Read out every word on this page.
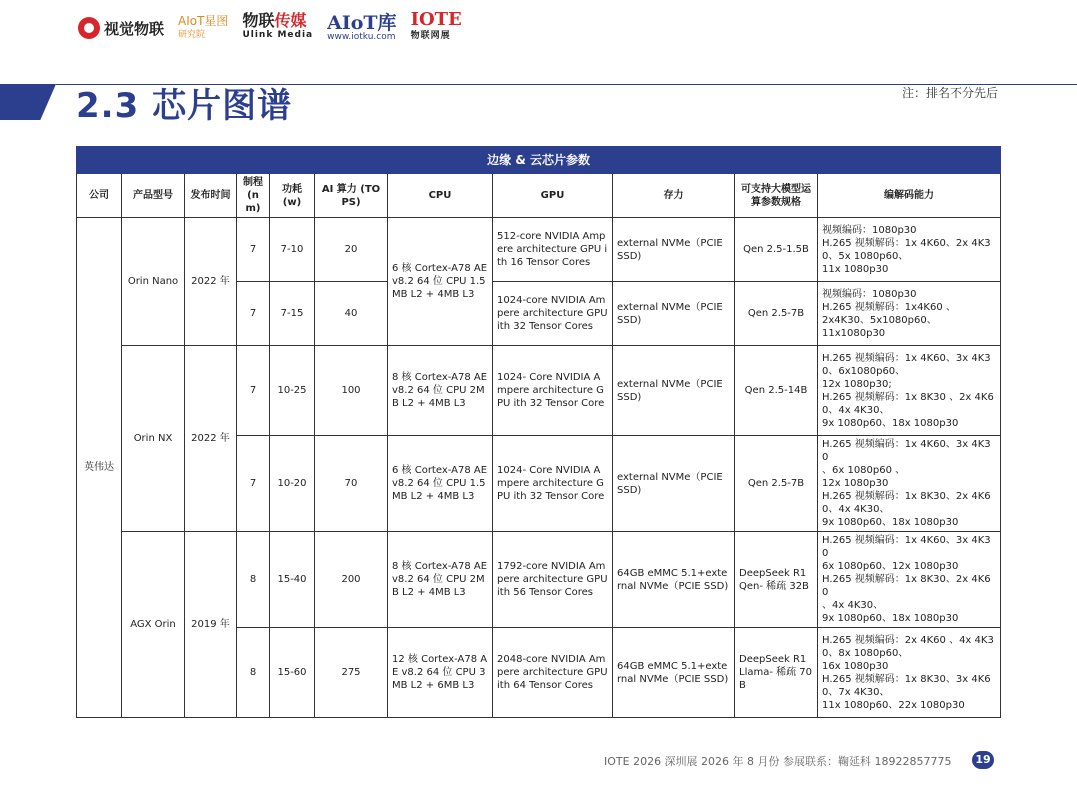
视觉物联 AIoT星图
研究院
物联传媒
Ulink Media
AIoT库
www.iotku.com
IOTE
物联网展
2.3 芯片图谱	注：排名不分先后
边缘 & 云芯片参数										
公司	产品型号	发布时间	制程 (nm)	功耗 (w)	AI 算力 (TOPS)	CPU	GPU	存力	可支持大模型运算参数规格	编解码能力
英伟达	Orin Nano	2022 年	7	7-10	20	6 核 Cortex-A78 AE v8.2 64 位 CPU 1.5MB L2 + 4MB L3	512-core NVIDIA Ampere architecture GPU ith 16 Tensor Cores	external NVMe（PCIE SSD)	Qen 2.5-1.5B	视频编码：1080p30
H.265 视频解码：1x 4K60、2x 4K30、5x 1080p60、
11x 1080p30
			7	7-15	40		1024-core NVIDIA Ampere architecture GPU ith 32 Tensor Cores	external NVMe（PCIE SSD)	Qen 2.5-7B	视频编码：1080p30
H.265 视频解码：1x4K60 、
2x4K30、5x1080p60、
11x1080p30
	Orin NX	2022 年	7	10-25	100	8 核 Cortex-A78 AE v8.2 64 位 CPU 2MB L2 + 4MB L3	1024- Core NVIDIA Ampere architecture GPU ith 32 Tensor Core	external NVMe（PCIE SSD)	Qen 2.5-14B	H.265 视频编码：1x 4K60、3x 4K30、6x1080p60、
12x 1080p30;
H.265 视频解码：1x 8K30 、2x 4K60、4x 4K30、
9x 1080p60、18x 1080p30
			7	10-20	70	6 核 Cortex-A78 AE v8.2 64 位 CPU 1.5MB L2 + 4MB L3	1024- Core NVIDIA Ampere architecture GPU ith 32 Tensor Core	external NVMe（PCIE SSD)	Qen 2.5-7B	H.265 视频编码：1x 4K60、3x 4K30
、6x 1080p60 、
12x 1080p30
H.265 视频解码：1x 8K30、2x 4K60、4x 4K30、
9x 1080p60、18x 1080p30
	AGX Orin	2019 年	8	15-40	200	8 核 Cortex-A78 AE v8.2 64 位 CPU 2MB L2 + 4MB L3	1792-core NVIDIA Ampere architecture GPU ith 56 Tensor Cores	64GB eMMC 5.1+external NVMe（PCIE SSD)	DeepSeek R1 Qen- 稀疏 32B	H.265 视频编码：1x 4K60、3x 4K30
6x 1080p60、12x 1080p30
H.265 视频解码：1x 8K30、2x 4K60
、4x 4K30、
9x 1080p60、18x 1080p30
			8	15-60	275	12 核 Cortex-A78 AE v8.2 64 位 CPU 3MB L2 + 6MB L3	2048-core NVIDIA Ampere architecture GPU ith 64 Tensor Cores	64GB eMMC 5.1+external NVMe（PCIE SSD)	DeepSeek R1 Llama- 稀疏 70B	H.265 视频编码：2x 4K60 、4x 4K30、8x 1080p60、
16x 1080p30
H.265 视频解码：1x 8K30、3x 4K60、7x 4K30、
11x 1080p60、22x 1080p30
IOTE 2026 深圳展 2026 年 8 月份 参展联系：鞠延科 18922857775	19
